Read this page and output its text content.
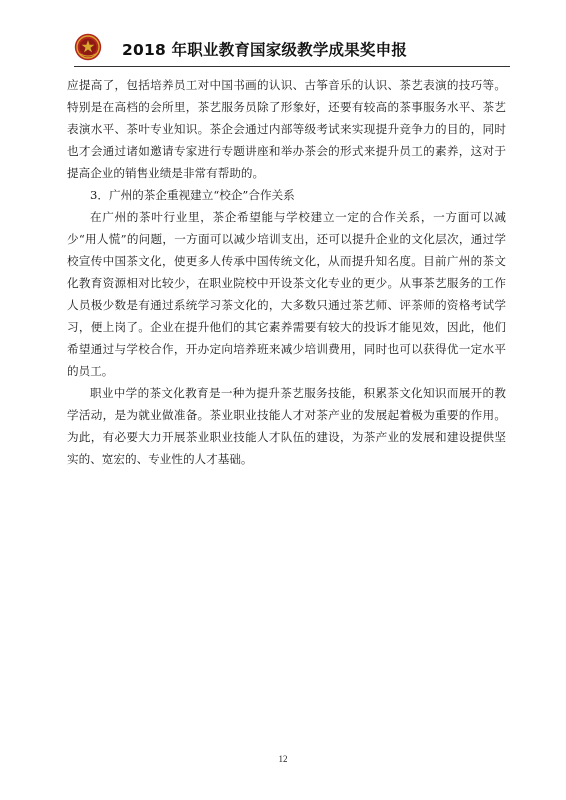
2018 年职业教育国家级教学成果奖申报

应提高了，包括培养员工对中国书画的认识、古筝音乐的认识、茶艺表演的技巧等。特别是在高档的会所里，茶艺服务员除了形象好，还要有较高的茶事服务水平、茶艺表演水平、茶叶专业知识。茶企会通过内部等级考试来实现提升竞争力的目的，同时也才会通过诸如邀请专家进行专题讲座和举办茶会的形式来提升员工的素养，这对于提高企业的销售业绩是非常有帮助的。

3．广州的茶企重视建立“校企”合作关系

在广州的茶叶行业里，茶企希望能与学校建立一定的合作关系，一方面可以减少“用人慌”的问题，一方面可以减少培训支出，还可以提升企业的文化层次，通过学校宣传中国茶文化，使更多人传承中国传统文化，从而提升知名度。目前广州的茶文化教育资源相对比较少，在职业院校中开设茶文化专业的更少。从事茶艺服务的工作人员极少数是有通过系统学习茶文化的，大多数只通过茶艺师、评茶师的资格考试学习，便上岗了。企业在提升他们的其它素养需要有较大的投诉才能见效，因此，他们希望通过与学校合作，开办定向培养班来减少培训费用，同时也可以获得优一定水平的员工。

职业中学的茶文化教育是一种为提升茶艺服务技能，积累茶文化知识而展开的教学活动，是为就业做准备。茶业职业技能人才对茶产业的发展起着极为重要的作用。为此，有必要大力开展茶业职业技能人才队伍的建设，为茶产业的发展和建设提供坚实的、宽宏的、专业性的人才基础。

12
